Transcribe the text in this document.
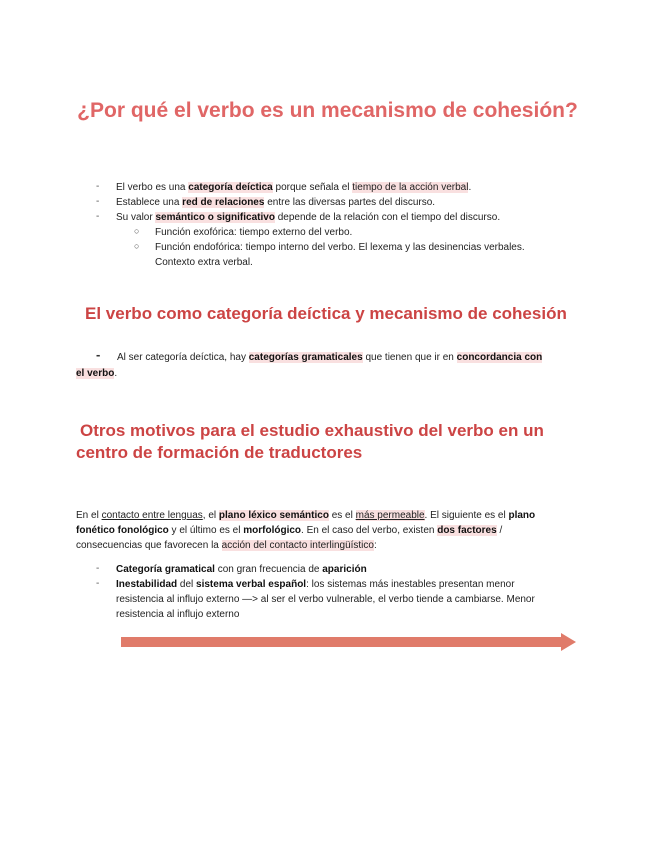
¿Por qué el verbo es un mecanismo de cohesión?
- El verbo es una categoría deíctica porque señala el tiempo de la acción verbal.
- Establece una red de relaciones entre las diversas partes del discurso.
- Su valor semántico o significativo depende de la relación con el tiempo del discurso.
○ Función exofórica: tiempo externo del verbo.
○ Función endofórica: tiempo interno del verbo. El lexema y las desinencias verbales.
Contexto extra verbal.
El verbo como categoría deíctica y mecanismo de cohesión
- Al ser categoría deíctica, hay categorías gramaticales que tienen que ir en concordancia con
el verbo.
Otros motivos para el estudio exhaustivo del verbo en un
centro de formación de traductores
En el contacto entre lenguas, el plano léxico semántico es el más permeable. El siguiente es el plano
fonético fonológico y el último es el morfológico. En el caso del verbo, existen dos factores /
consecuencias que favorecen la acción del contacto interlingüístico:
- Categoría gramatical con gran frecuencia de aparición
- Inestabilidad del sistema verbal español: los sistemas más inestables presentan menor
resistencia al influjo externo —> al ser el verbo vulnerable, el verbo tiende a cambiarse. Menor
resistencia al influjo externo
